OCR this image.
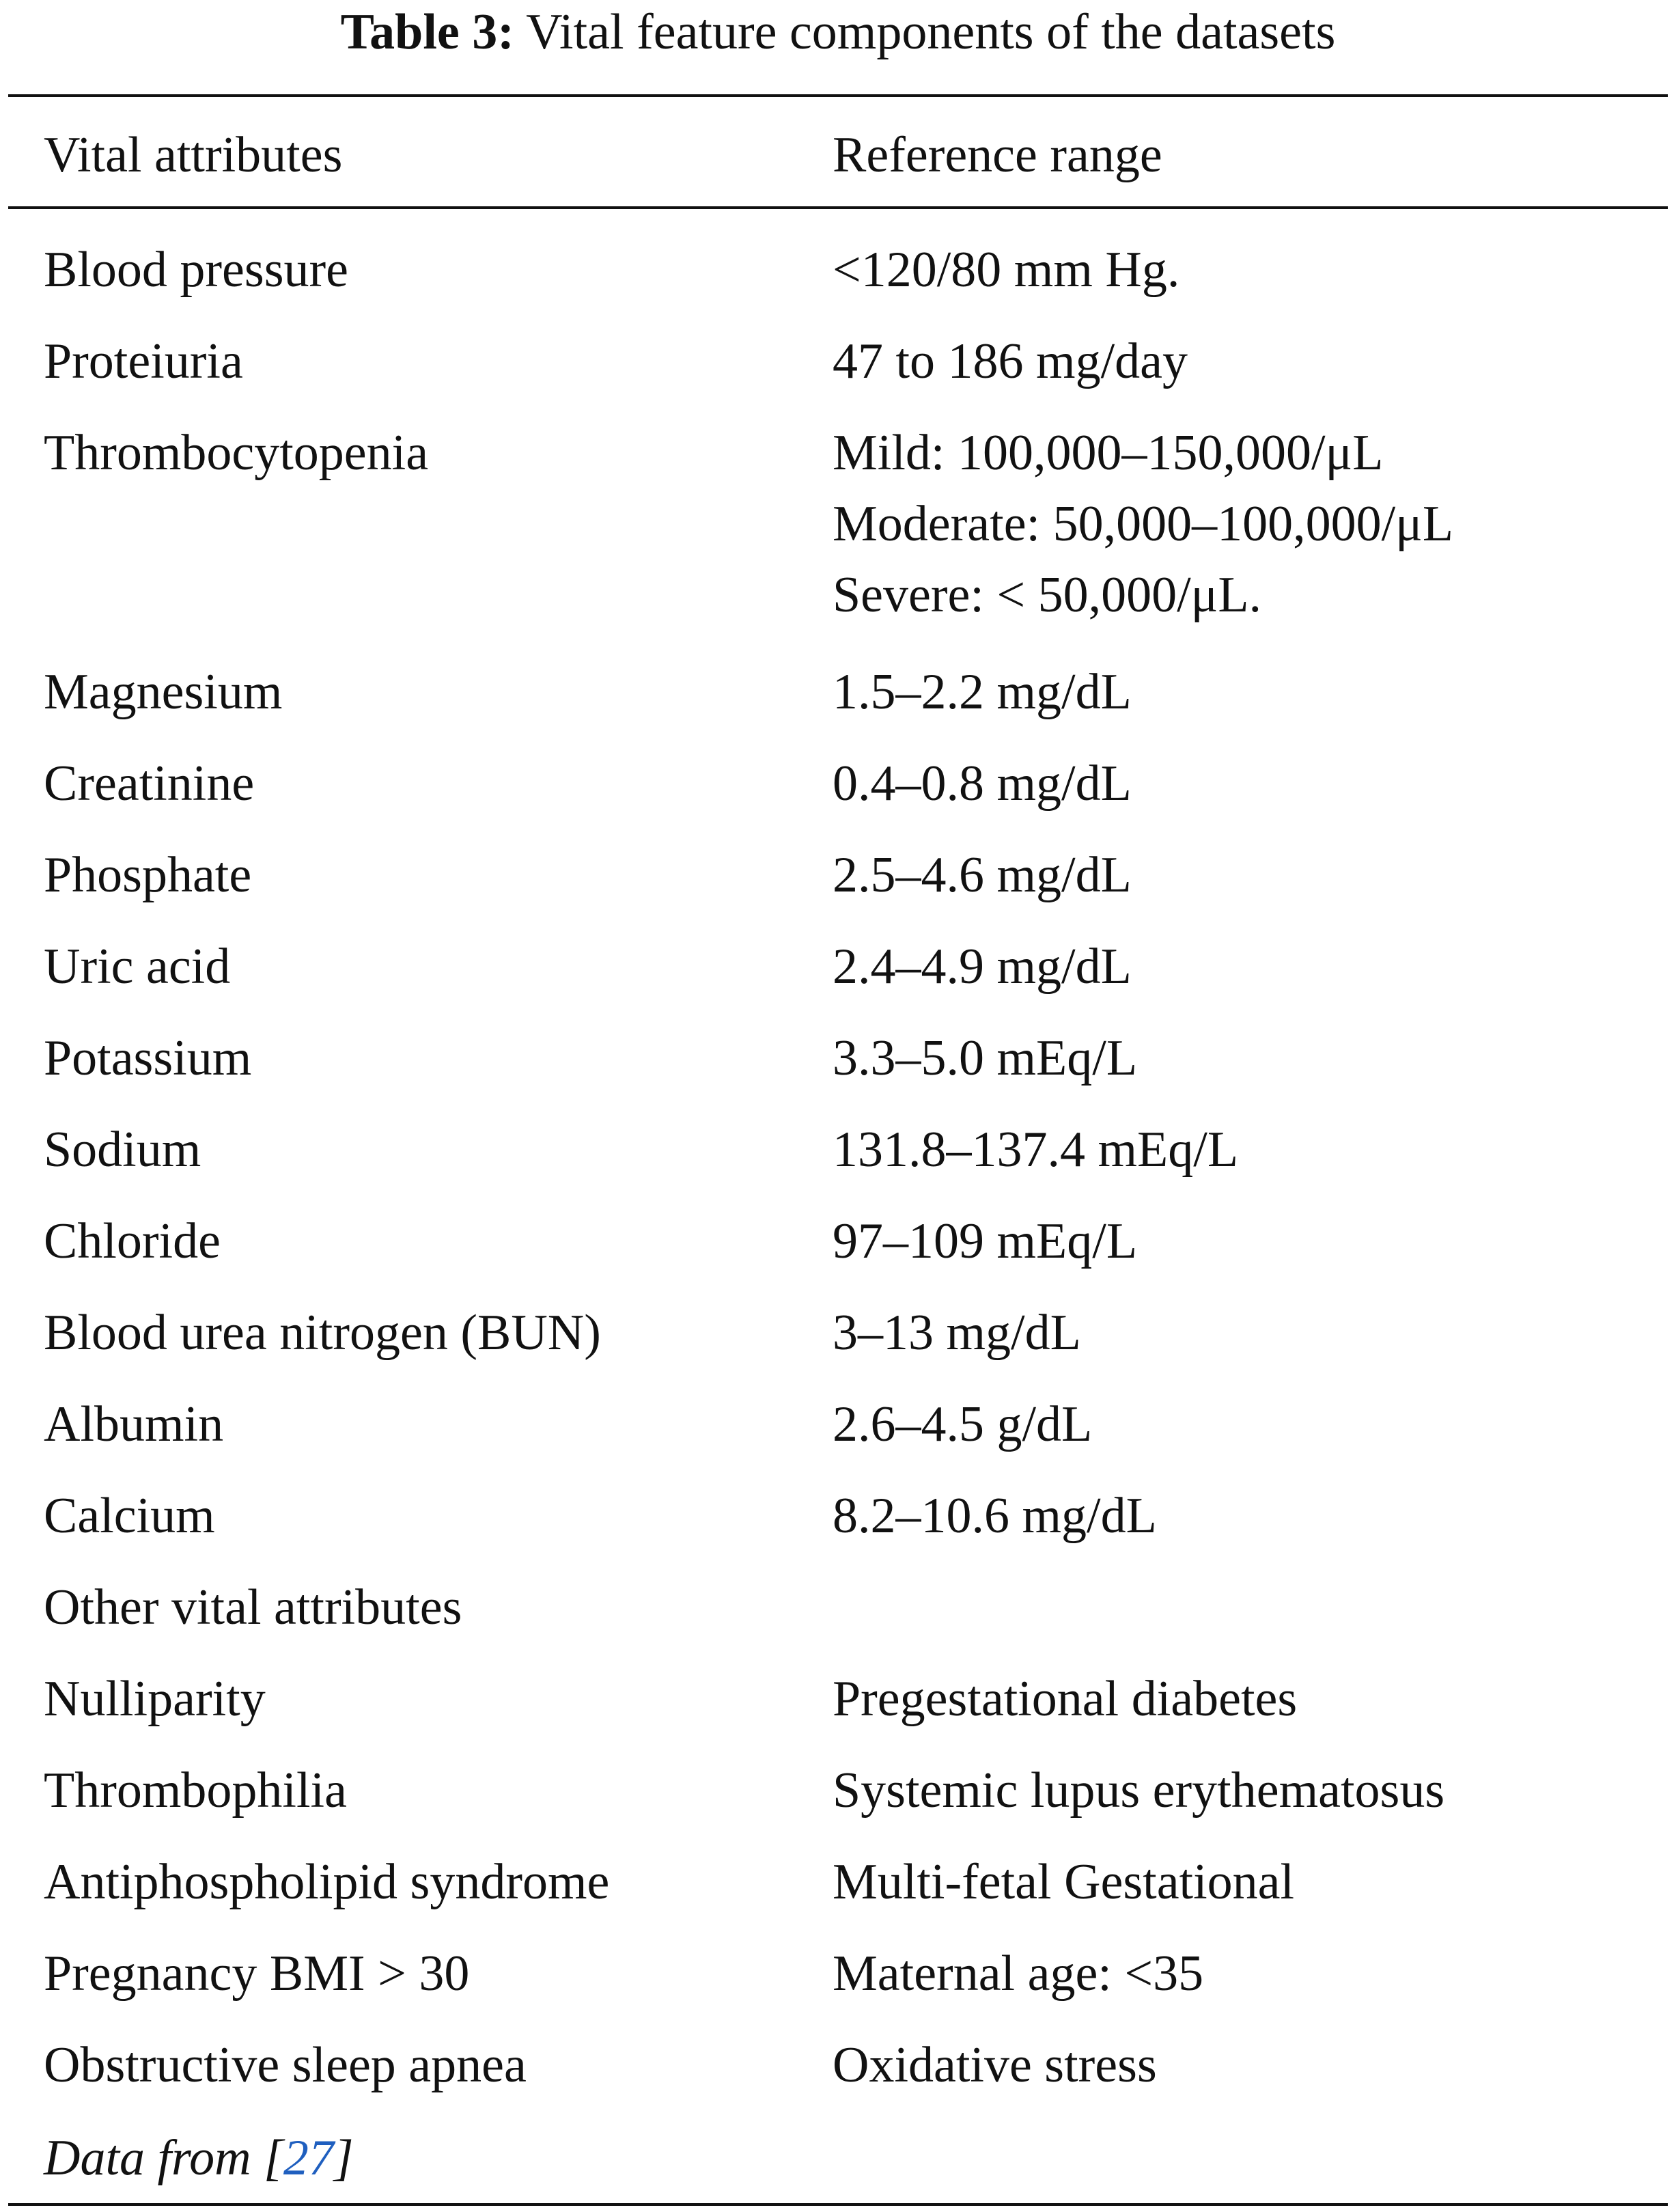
Table 3: Vital feature components of the datasets
Vital attributes	Reference range
Blood pressure	<120/80 mm Hg.
Proteiuria	47 to 186 mg/day
Thrombocytopenia	Mild: 100,000–150,000/μL
Moderate: 50,000–100,000/μL
Severe: < 50,000/μL.
Magnesium	1.5–2.2 mg/dL
Creatinine	0.4–0.8 mg/dL
Phosphate	2.5–4.6 mg/dL
Uric acid	2.4–4.9 mg/dL
Potassium	3.3–5.0 mEq/L
Sodium	131.8–137.4 mEq/L
Chloride	97–109 mEq/L
Blood urea nitrogen (BUN)	3–13 mg/dL
Albumin	2.6–4.5 g/dL
Calcium	8.2–10.6 mg/dL
Other vital attributes
Nulliparity	Pregestational diabetes
Thrombophilia	Systemic lupus erythematosus
Antiphospholipid syndrome	Multi-fetal Gestational
Pregnancy BMI > 30	Maternal age: <35
Obstructive sleep apnea	Oxidative stress
Data from [27]
